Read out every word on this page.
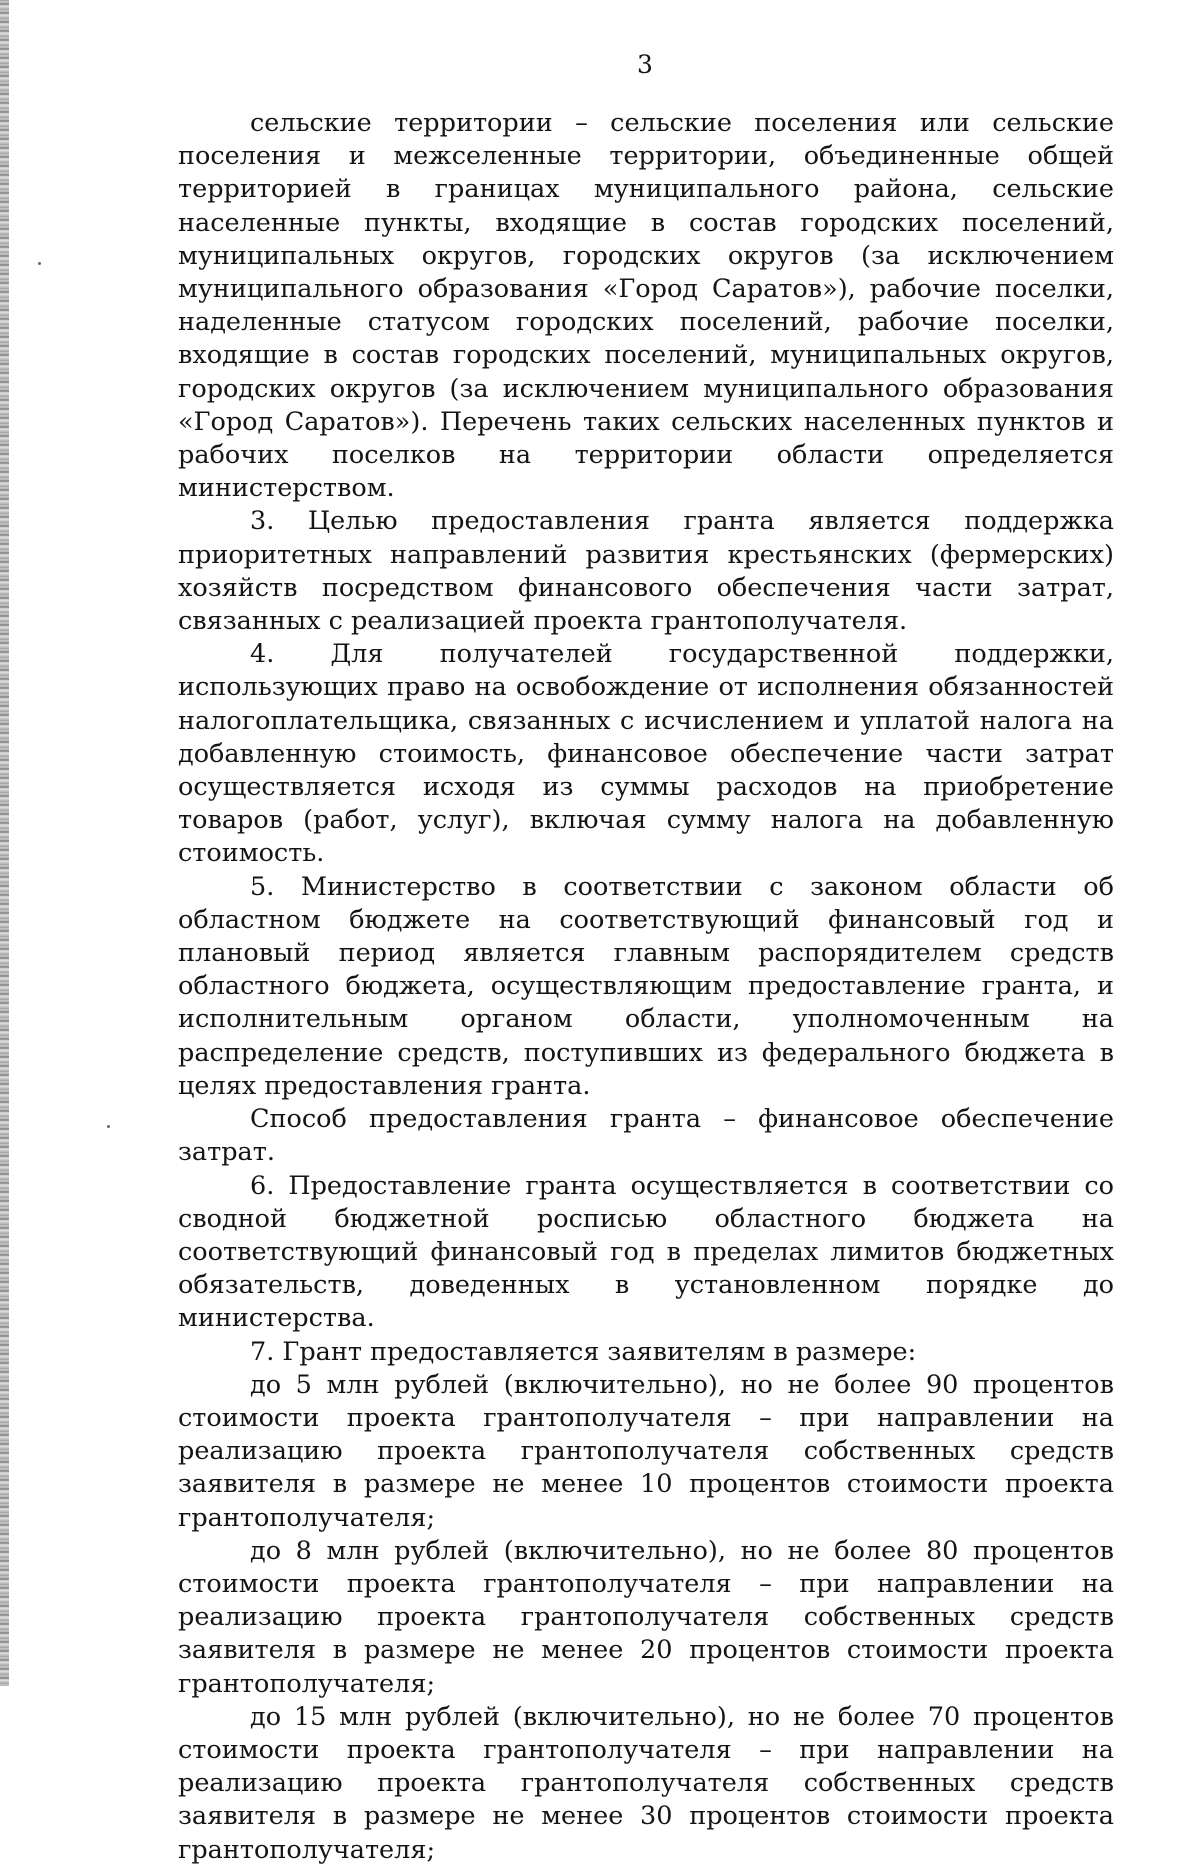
3

сельские территории – сельские поселения или сельские поселения и межселенные территории, объединенные общей территорией в границах муниципального района, сельские населенные пункты, входящие в состав городских поселений, муниципальных округов, городских округов (за исключением муниципального образования «Город Саратов»), рабочие поселки, наделенные статусом городских поселений, рабочие поселки, входящие в состав городских поселений, муниципальных округов, городских округов (за исключением муниципального образования «Город Саратов»). Перечень таких сельских населенных пунктов и рабочих поселков на территории области определяется министерством.

3. Целью предоставления гранта является поддержка приоритетных направлений развития крестьянских (фермерских) хозяйств посредством финансового обеспечения части затрат, связанных с реализацией проекта грантополучателя.

4. Для получателей государственной поддержки, использующих право на освобождение от исполнения обязанностей налогоплательщика, связанных с исчислением и уплатой налога на добавленную стоимость, финансовое обеспечение части затрат осуществляется исходя из суммы расходов на приобретение товаров (работ, услуг), включая сумму налога на добавленную стоимость.

5. Министерство в соответствии с законом области об областном бюджете на соответствующий финансовый год и плановый период является главным распорядителем средств областного бюджета, осуществляющим предоставление гранта, и исполнительным органом области, уполномоченным на распределение средств, поступивших из федерального бюджета в целях предоставления гранта.

Способ предоставления гранта – финансовое обеспечение затрат.

6. Предоставление гранта осуществляется в соответствии со сводной бюджетной росписью областного бюджета на соответствующий финансовый год в пределах лимитов бюджетных обязательств, доведенных в установленном порядке до министерства.

7. Грант предоставляется заявителям в размере:

до 5 млн рублей (включительно), но не более 90 процентов стоимости проекта грантополучателя – при направлении на реализацию проекта грантополучателя собственных средств заявителя в размере не менее 10 процентов стоимости проекта грантополучателя;

до 8 млн рублей (включительно), но не более 80 процентов стоимости проекта грантополучателя – при направлении на реализацию проекта грантополучателя собственных средств заявителя в размере не менее 20 процентов стоимости проекта грантополучателя;

до 15 млн рублей (включительно), но не более 70 процентов стоимости проекта грантополучателя – при направлении на реализацию проекта грантополучателя собственных средств заявителя в размере не менее 30 процентов стоимости проекта грантополучателя;
